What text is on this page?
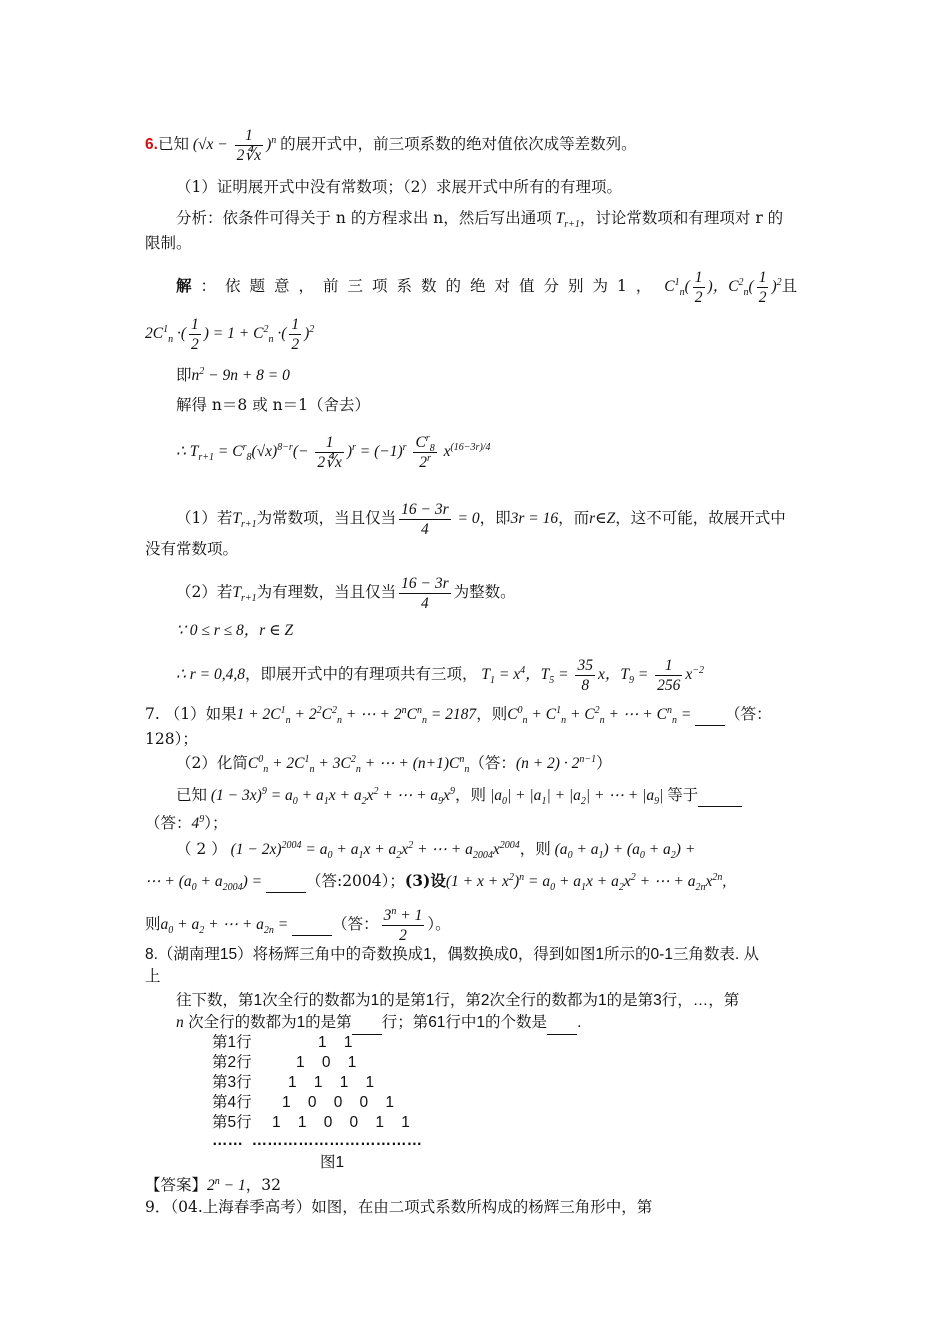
6.已知 $(√x - \frac{1}{2∜x} )^n$ 的展开式中，前三项系数的绝对值依次成等差数列。
（1）证明展开式中没有常数项；（2）求展开式中所有的有理项。
分析：依条件可得关于 n 的方程求出 n，然后写出通项 $T_{r+1}$，讨论常数项和有理项对 r 的
限制。
解：依题意，前三项系数的绝对值分别为1， $C^1_n( \frac{1}{2}$ )，$C^2_n( \frac{1}{2} )^2$且
$2C^1_n$ ·( $\frac{1}{2}$ ) = $1 + C^2_n$ ·( $\frac{1}{2} )^2$
即$n^2 - 9n + 8 = 0$
解得 n＝8 或 n＝1（舍去）
∴ $T_{r+1} = C^r_8(√x)^{8-r}(- \frac{1}{2∜x} )^r = (-1)^r \frac{C^r_8}{2^r} x^{(16-3r)/4}$
（1）若$T_{r+1}$为常数项，当且仅当 $\frac{16 - 3r}{4} = 0$，即3r = 16，而r∈Z，这不可能，故展开式中
没有常数项。
（2）若$T_{r+1}$为有理数，当且仅当 $\frac{16 - 3r}{4}$ 为整数。
∵ 0 ≤ r ≤ 8，r ∈ Z
∴ r = 0,4,8，即展开式中的有理项共有三项， $T_1 = x^4$，$T_5 = \frac{35}{8}$ x，$T_9 = \frac{1}{256} x^{-2}$
7. （1）如果$1 + 2C^1_n + 2^2C^2_n$ + ⋯ + $2^nC^n_n = 2187$，则$C^0_n + C^1_n + C^2_n$ + ⋯ + $C^n_n$ =  （答：
128）；
（2）化简$C^0_n + 2C^1_n + 3C^2_n$ + ⋯ + $(n+1)C^n_n$（答：$(n + 2) \cdot 2^{n-1}$）
已知 $(1 - 3x)^9 = a_0 + a_1x + a_2x^2$ + ⋯ + $a_9x^9$，则 $|a_0| + |a_1| + |a_2|$ + ⋯ + $|a_9|$ 等于
（答：$4^9$）；
（ 2 ） $(1 - 2x)^{2004} = a_0 + a_1x + a_2x^2$ + ⋯ + $a_{2004}x^{2004}$，则 $(a_0 + a_1) + (a_0 + a_2)$ +
⋯ + $(a_0 + a_{2004})$ =	（答:2004）；(3)设$(1 + x + x^2)^n = a_0 + a_1x + a_2x^2$ + ⋯ + $a_{2n}x^{2n}$,
则$a_0 + a_2$ + ⋯ + $a_{2n}$ =	（答： $\frac{3^n + 1}{2}$ ）。
8.（湖南理15）将杨辉三角中的奇数换成1，偶数换成0，得到如图1所示的0-1三角数表. 从
上
往下数，第1次全行的数都为1的是第1行，第2次全行的数都为1的是第3行，…，第
n 次全行的数都为1的是第 行；第61行中1的个数是 .
第1行	1    1
第2行	1    0    1
第3行 1    1    1    1
第4行 1    0    0    0    1
第5行 1    1    0    0    1    1
……  ……………………………
图1
【答案】$2^n - 1$，32
9．（04.上海春季高考）如图，在由二项式系数所构成的杨辉三角形中，第
